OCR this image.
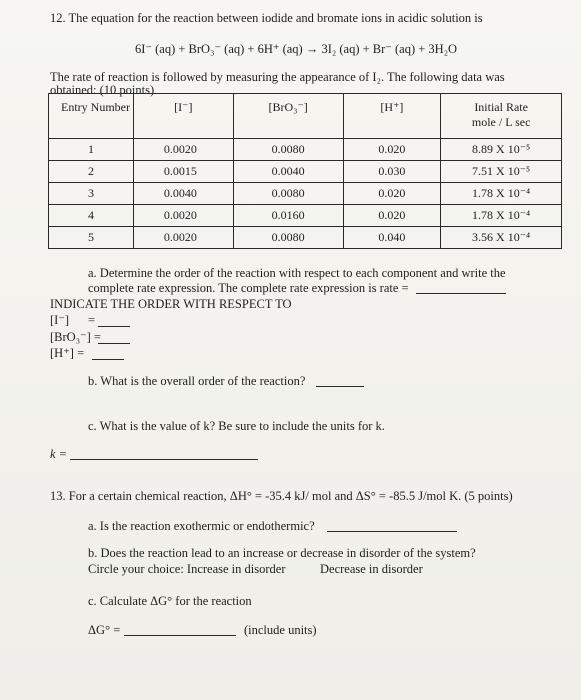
12. The equation for the reaction between iodide and bromate ions in acidic solution is
6I⁻ (aq) + BrO₃⁻ (aq) + 6H⁺ (aq) → 3I₂ (aq) + Br⁻ (aq) + 3H₂O
The rate of reaction is followed by measuring the appearance of I₂. The following data was
obtained: (10 points)
Entry Number	[I⁻]	[BrO₃⁻]	[H⁺]	Initial Rate
mole / L sec

1	0.0020	0.0080	0.020	8.89 X 10⁻⁵
2	0.0015	0.0040	0.030	7.51 X 10⁻⁵
3	0.0040	0.0080	0.020	1.78 X 10⁻⁴
4	0.0020	0.0160	0.020	1.78 X 10⁻⁴
5	0.0020	0.0080	0.040	3.56 X 10⁻⁴
a. Determine the order of the reaction with respect to each component and write the
complete rate expression. The complete rate expression is rate =
INDICATE THE ORDER WITH RESPECT TO
[I⁻] =
[BrO₃⁻] =
[H⁺] =
b. What is the overall order of the reaction?
c. What is the value of k? Be sure to include the units for k.
k =
13. For a certain chemical reaction, ΔH° = -35.4 kJ/ mol and ΔS° = -85.5 J/mol K. (5 points)
a. Is the reaction exothermic or endothermic?
b. Does the reaction lead to an increase or decrease in disorder of the system?
Circle your choice: Increase in disorder	Decrease in disorder
c. Calculate ΔG° for the reaction
ΔG° =	(include units)
